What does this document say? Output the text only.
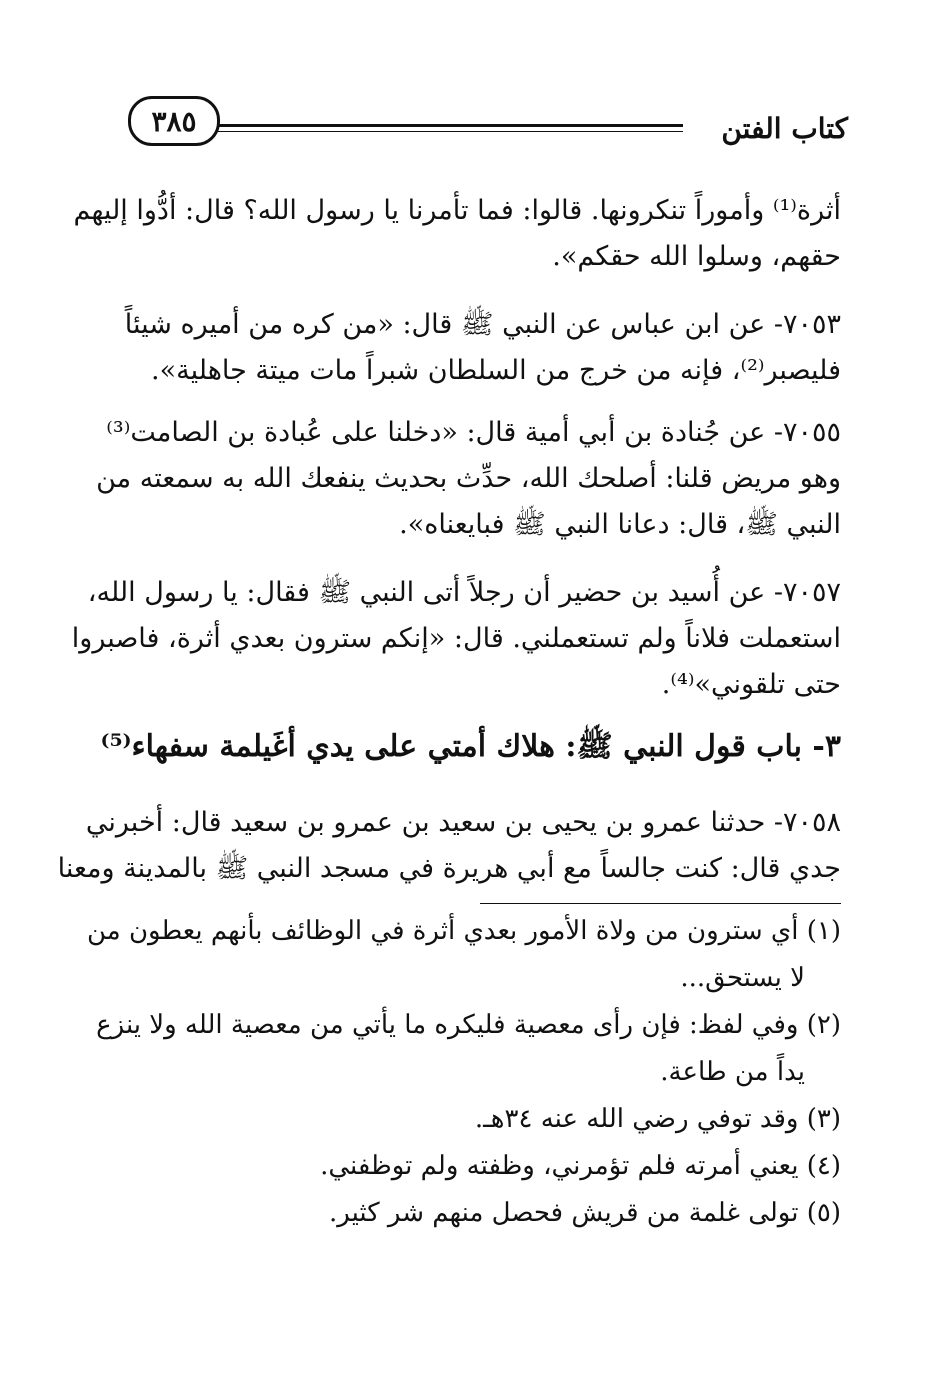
كتاب الفتن
٣٨٥
أثرة⁽¹⁾ وأموراً تنكرونها. قالوا: فما تأمرنا يا رسول الله؟ قال: أدُّوا إليهم
حقهم، وسلوا الله حقكم».
٧٠٥٣- عن ابن عباس عن النبي ﷺ قال: «من كره من أميره شيئاً
فليصبر⁽²⁾، فإنه من خرج من السلطان شبراً مات ميتة جاهلية».
٧٠٥٥- عن جُنادة بن أبي أمية قال: «دخلنا على عُبادة بن الصامت⁽³⁾
وهو مريض قلنا: أصلحك الله، حدِّث بحديث ينفعك الله به سمعته من
النبي ﷺ، قال: دعانا النبي ﷺ فبايعناه».
٧٠٥٧- عن أُسيد بن حضير أن رجلاً أتى النبي ﷺ فقال: يا رسول الله،
استعملت فلاناً ولم تستعملني. قال: «إنكم سترون بعدي أثرة، فاصبروا
حتى تلقوني»⁽⁴⁾.
٣- باب قول النبي ﷺ: هلاك أمتي على يدي أغَيلمة سفهاء⁽⁵⁾
٧٠٥٨- حدثنا عمرو بن يحيى بن سعيد بن عمرو بن سعيد قال: أخبرني
جدي قال: كنت جالساً مع أبي هريرة في مسجد النبي ﷺ بالمدينة ومعنا
(١) أي سترون من ولاة الأمور بعدي أثرة في الوظائف بأنهم يعطون من
لا يستحق...
(٢) وفي لفظ: فإن رأى معصية فليكره ما يأتي من معصية الله ولا ينزع
يداً من طاعة.
(٣) وقد توفي رضي الله عنه ٣٤هـ.
(٤) يعني أمرته فلم تؤمرني، وظفته ولم توظفني.
(٥) تولى غلمة من قريش فحصل منهم شر كثير.
